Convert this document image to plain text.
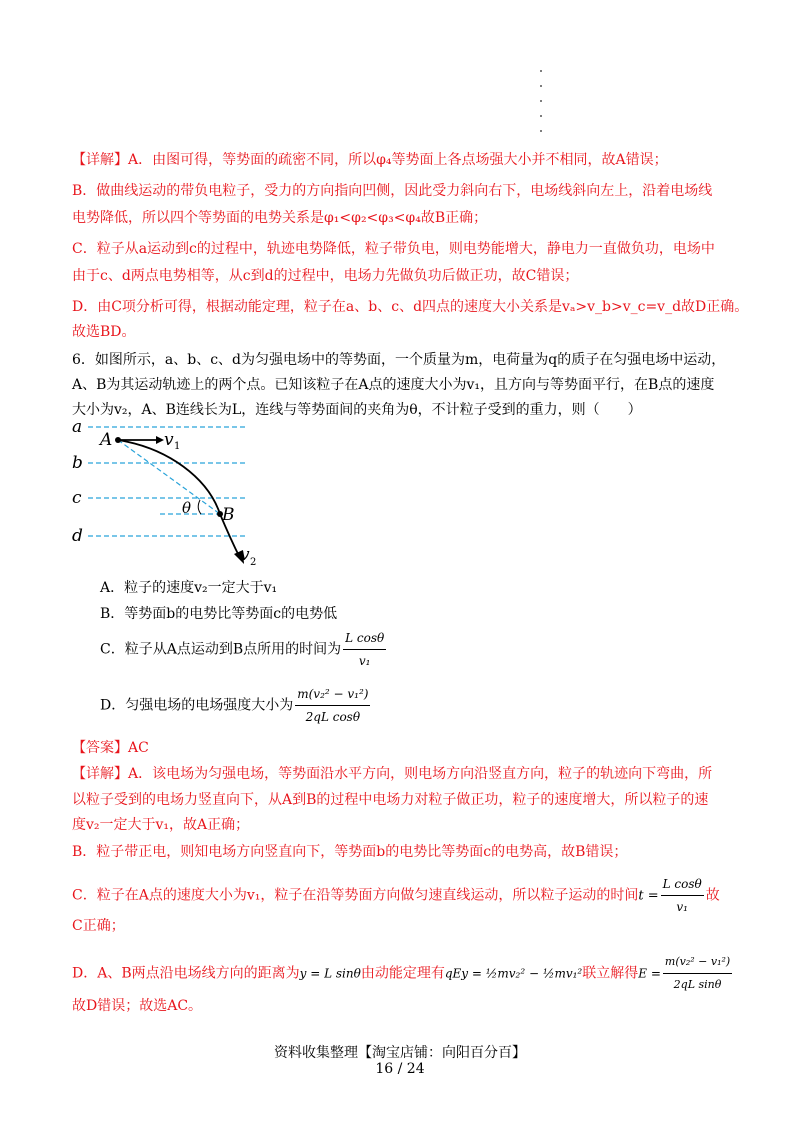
【详解】A．由图可得，等势面的疏密不同，所以φ₄等势面上各点场强大小并不相同，故A错误；
B．做曲线运动的带负电粒子，受力的方向指向凹侧，因此受力斜向右下，电场线斜向左上，沿着电场线
电势降低，所以四个等势面的电势关系是φ₁<φ₂<φ₃<φ₄故B正确；
C．粒子从a运动到c的过程中，轨迹电势降低，粒子带负电，则电势能增大，静电力一直做负功，电场中
由于c、d两点电势相等，从c到d的过程中，电场力先做负功后做正功，故C错误；
D．由C项分析可得，根据动能定理，粒子在a、b、c、d四点的速度大小关系是vₐ>v_b>v_c=v_d故D正确。
故选BD。
6．如图所示，a、b、c、d为匀强电场中的等势面，一个质量为m，电荷量为q的质子在匀强电场中运动，
A、B为其运动轨迹上的两个点。已知该粒子在A点的速度大小为v₁，且方向与等势面平行，在B点的速度
大小为v₂，A、B连线长为L，连线与等势面间的夹角为θ，不计粒子受到的重力，则（　　）
a
b
c
d
A
B
θ
v 1
v 2
A．粒子的速度v₂一定大于v₁
B．等势面b的电势比等势面c的电势低
C．粒子从A点运动到B点所用的时间为 $\frac{\text{L cosθ}}{\text{v₁}}$
D．匀强电场的电场强度大小为 $\frac{\text{m(v₂² − v₁²)}}{\text{2qL cosθ}}$
【答案】AC
【详解】A．该电场为匀强电场，等势面沿水平方向，则电场方向沿竖直方向，粒子的轨迹向下弯曲，所
以粒子受到的电场力竖直向下，从A到B的过程中电场力对粒子做正功，粒子的速度增大，所以粒子的速
度v₂一定大于v₁，故A正确；
B．粒子带正电，则知电场方向竖直向下，等势面b的电势比等势面c的电势高，故B错误；
C．粒子在A点的速度大小为v₁，粒子在沿等势面方向做匀速直线运动，所以粒子运动的时间$t = \frac{\text{L cosθ}}{\text{v₁}}$ 故
C正确；
D．A、B两点沿电场线方向的距离为y = L sinθ由动能定理有qEy = ½mv₂² − ½mv₁²联立解得$E = \frac{\text{m(v₂² − v₁²)}}{\text{2qL sinθ}}$
故D错误；故选AC。
资料收集整理【淘宝店铺：向阳百分百】
16 / 24
